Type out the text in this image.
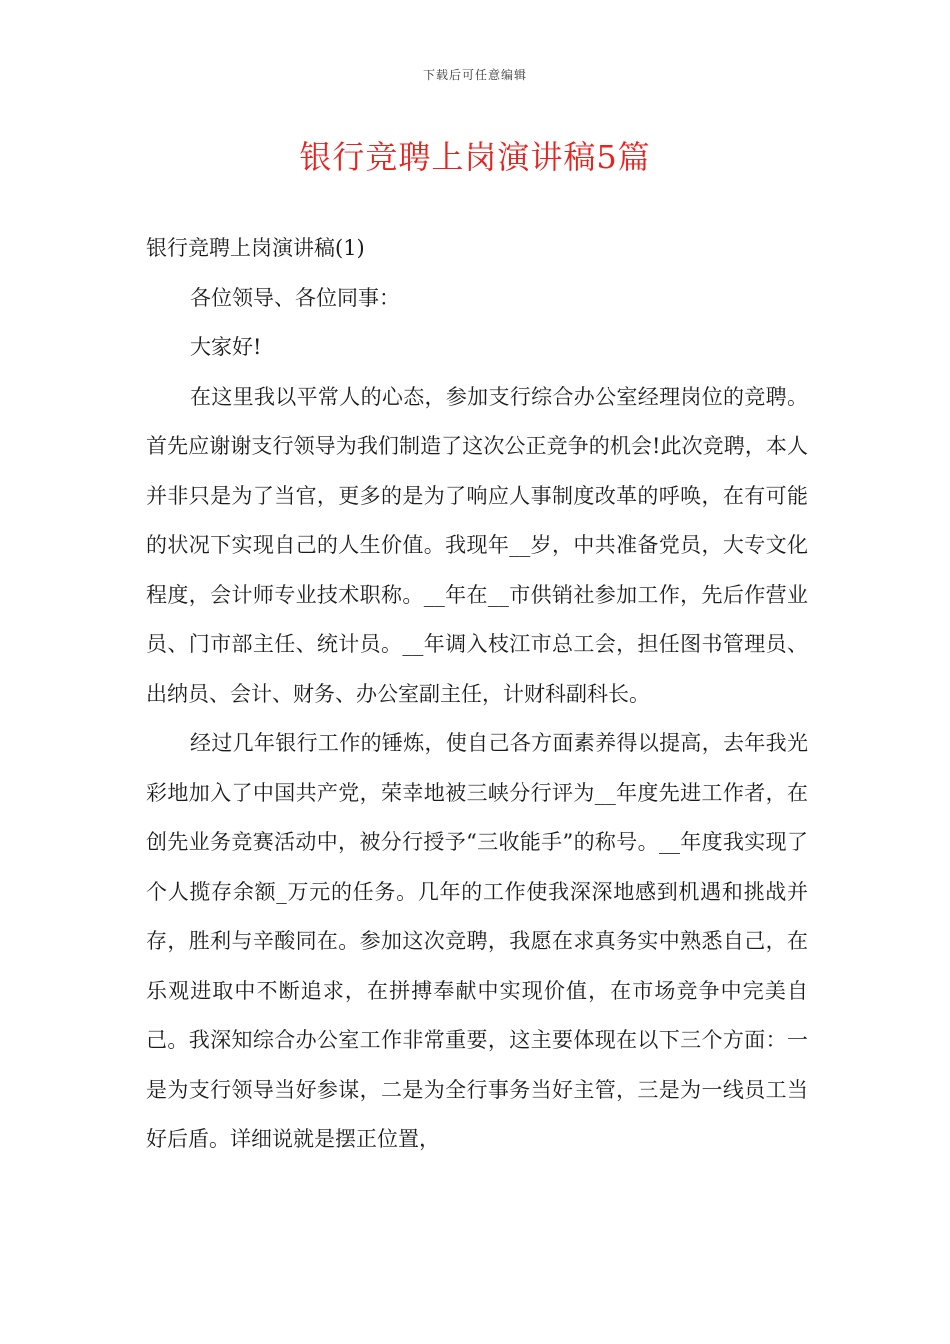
下载后可任意编辑
银行竞聘上岗演讲稿5篇

银行竞聘上岗演讲稿(1)

各位领导、各位同事：

大家好!

在这里我以平常人的心态，参加支行综合办公室经理岗位的竞聘。首先应谢谢支行领导为我们制造了这次公正竞争的机会!此次竞聘，本人并非只是为了当官，更多的是为了响应人事制度改革的呼唤，在有可能的状况下实现自己的人生价值。我现年__岁，中共准备党员，大专文化程度，会计师专业技术职称。__年在__市供销社参加工作，先后作营业员、门市部主任、统计员。__年调入枝江市总工会，担任图书管理员、出纳员、会计、财务、办公室副主任，计财科副科长。

经过几年银行工作的锤炼，使自己各方面素养得以提高，去年我光彩地加入了中国共产党，荣幸地被三峡分行评为__年度先进工作者，在创先业务竞赛活动中，被分行授予“三收能手”的称号。__年度我实现了个人揽存余额_万元的任务。几年的工作使我深深地感到机遇和挑战并存，胜利与辛酸同在。参加这次竞聘，我愿在求真务实中熟悉自己，在乐观进取中不断追求，在拼搏奉献中实现价值，在市场竞争中完美自己。我深知综合办公室工作非常重要，这主要体现在以下三个方面：一是为支行领导当好参谋，二是为全行事务当好主管，三是为一线员工当好后盾。详细说就是摆正位置，
